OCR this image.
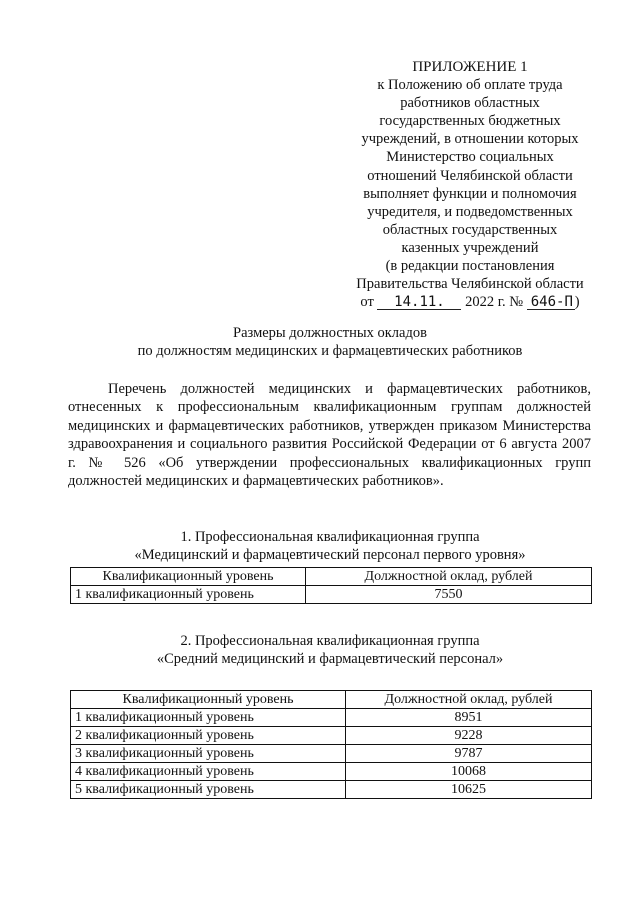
ПРИЛОЖЕНИЕ 1
к Положению об оплате труда
работников областных
государственных бюджетных
учреждений, в отношении которых
Министерство социальных
отношений Челябинской области
выполняет функции и полномочия
учредителя, и подведомственных
областных государственных
казенных учреждений
(в редакции постановления
Правительства Челябинской области
от 14.11. 2022 г. № 646-П )
Размеры должностных окладов
по должностям медицинских и фармацевтических работников
Перечень должностей медицинских и фармацевтических работников, отнесенных к профессиональным квалификационным группам должностей медицинских и фармацевтических работников, утвержден приказом Министерства здравоохранения и социального развития Российской Федерации от 6 августа 2007 г. № 526 «Об утверждении профессиональных квалификационных групп должностей медицинских и фармацевтических работников».
1. Профессиональная квалификационная группа
«Медицинский и фармацевтический персонал первого уровня»
Квалификационный уровень	Должностной оклад, рублей
1 квалификационный уровень	7550
2. Профессиональная квалификационная группа
«Средний медицинский и фармацевтический персонал»
Квалификационный уровень	Должностной оклад, рублей
1 квалификационный уровень	8951
2 квалификационный уровень	9228
3 квалификационный уровень	9787
4 квалификационный уровень	10068
5 квалификационный уровень	10625
